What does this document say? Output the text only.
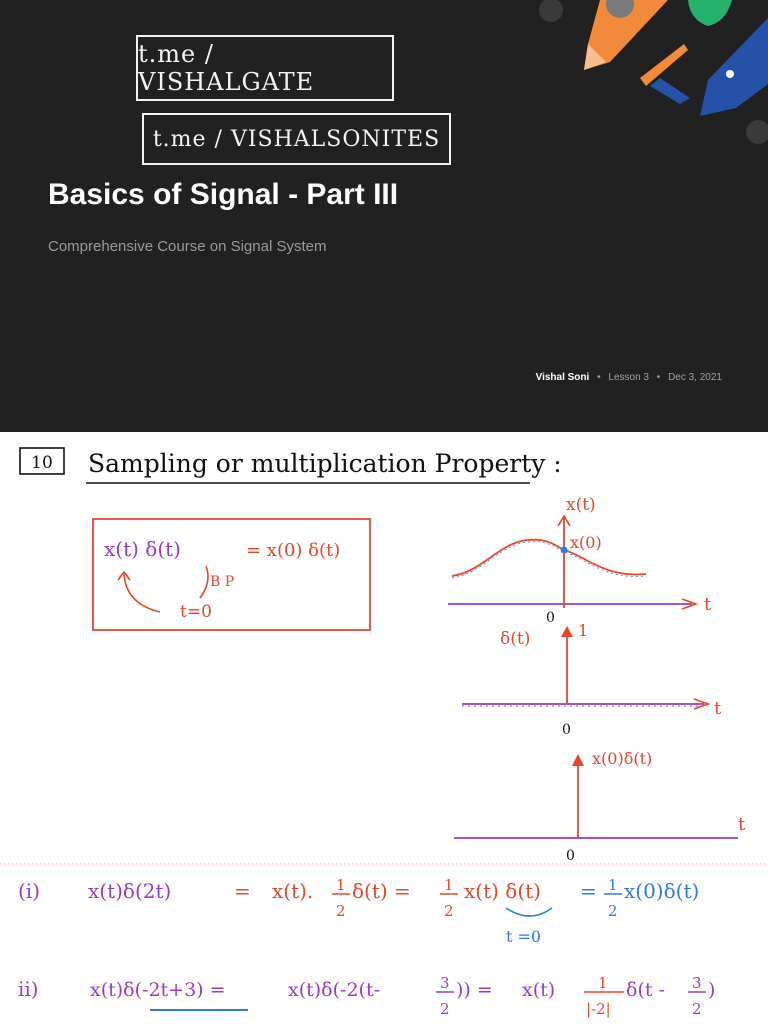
t.me / VISHALGATE
t.me / VISHALSONITES
Basics of Signal - Part III
Comprehensive Course on Signal System
Vishal Soni • Lesson 3 • Dec 3, 2021
10 Sampling or multiplication Property :
x(t) δ(t)	= x(0) δ(t)
B P
t=0
x(t)
x(0)
0
t
δ(t)	1
0
t
x(0)δ(t)
0
t
(i) x(t)δ(2t)	= x(t). 1
2
δ(t) = 1
2
x(t) δ(t)
t =0
= 1
2
x(0)δ(t)
ii)	x(t)δ(-2t+3) =	x(t)δ(-2(t-	3
2
)) = x(t)	1
|-2|
δ(t - 3
2
)
